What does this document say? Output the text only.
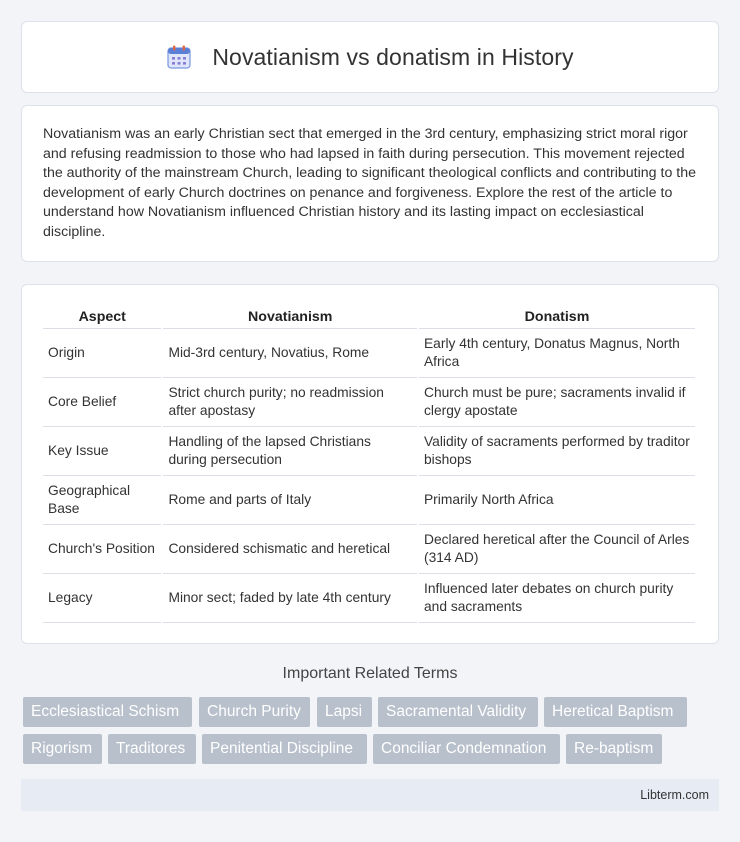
Novatianism vs donatism in History

Novatianism was an early Christian sect that emerged in the 3rd century, emphasizing strict moral rigor and refusing readmission to those who had lapsed in faith during persecution. This movement rejected the authority of the mainstream Church, leading to significant theological conflicts and contributing to the development of early Church doctrines on penance and forgiveness. Explore the rest of the article to understand how Novatianism influenced Christian history and its lasting impact on ecclesiastical discipline.

Aspect	Novatianism	Donatism
Origin	Mid-3rd century, Novatius, Rome	Early 4th century, Donatus Magnus, North Africa
Core Belief	Strict church purity; no readmission after apostasy	Church must be pure; sacraments invalid if clergy apostate
Key Issue	Handling of the lapsed Christians during persecution	Validity of sacraments performed by traditor bishops
Geographical Base	Rome and parts of Italy	Primarily North Africa
Church's Position	Considered schismatic and heretical	Declared heretical after the Council of Arles (314 AD)
Legacy	Minor sect; faded by late 4th century	Influenced later debates on church purity and sacraments
Important Related Terms
Ecclesiastical Schism	Church Purity	Lapsi	Sacramental Validity	Heretical Baptism
Rigorism	Traditores	Penitential Discipline	Conciliar Condemnation	Re-baptism
Libterm.com
